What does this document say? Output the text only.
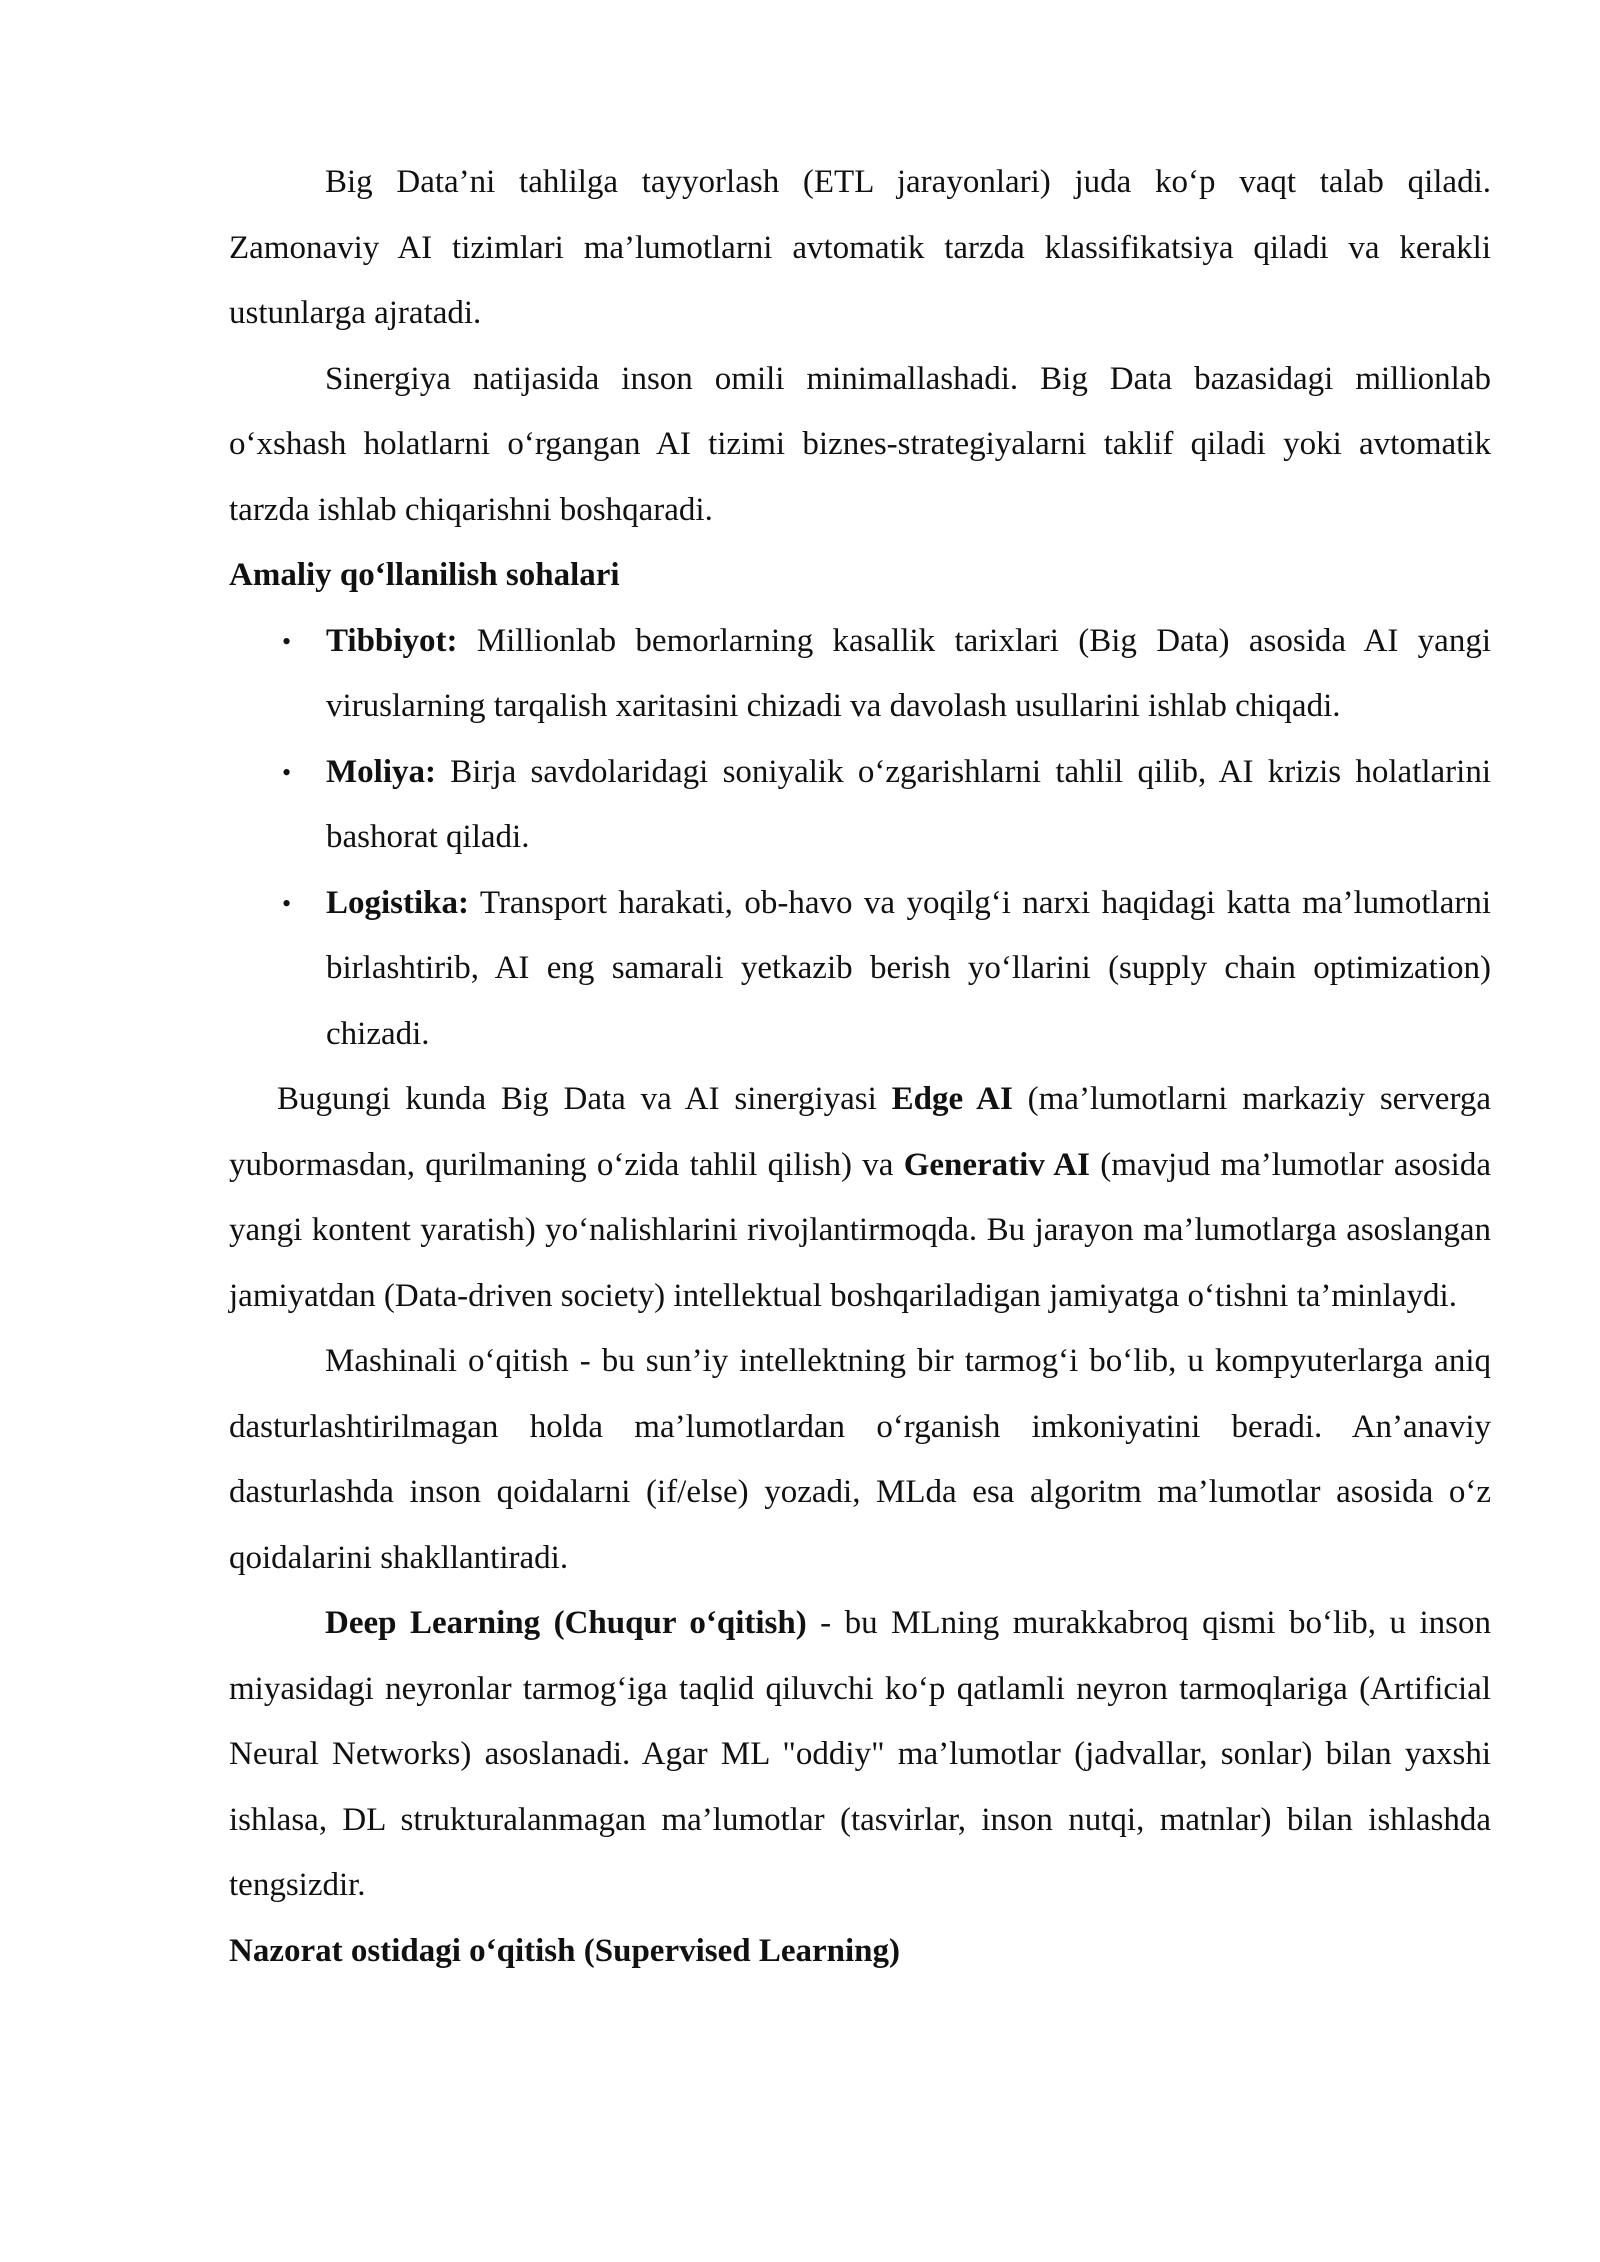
Big Data’ni tahlilga tayyorlash (ETL jarayonlari) juda ko‘p vaqt talab qiladi. Zamonaviy AI tizimlari ma’lumotlarni avtomatik tarzda klassifikatsiya qiladi va kerakli ustunlarga ajratadi.

Sinergiya natijasida inson omili minimallashadi. Big Data bazasidagi millionlab o‘xshash holatlarni o‘rgangan AI tizimi biznes-strategiyalarni taklif qiladi yoki avtomatik tarzda ishlab chiqarishni boshqaradi.

Amaliy qo‘llanilish sohalari

• Tibbiyot: Millionlab bemorlarning kasallik tarixlari (Big Data) asosida AI yangi viruslarning tarqalish xaritasini chizadi va davolash usullarini ishlab chiqadi.
• Moliya: Birja savdolaridagi soniyalik o‘zgarishlarni tahlil qilib, AI krizis holatlarini bashorat qiladi.
• Logistika: Transport harakati, ob-havo va yoqilg‘i narxi haqidagi katta ma’lumotlarni birlashtirib, AI eng samarali yetkazib berish yo‘llarini (supply chain optimization) chizadi.

Bugungi kunda Big Data va AI sinergiyasi Edge AI (ma’lumotlarni markaziy serverga yubormasdan, qurilmaning o‘zida tahlil qilish) va Generativ AI (mavjud ma’lumotlar asosida yangi kontent yaratish) yo‘nalishlarini rivojlantirmoqda. Bu jarayon ma’lumotlarga asoslangan jamiyatdan (Data-driven society) intellektual boshqariladigan jamiyatga o‘tishni ta’minlaydi.

Mashinali o‘qitish - bu sun’iy intellektning bir tarmog‘i bo‘lib, u kompyuterlarga aniq dasturlashtirilmagan holda ma’lumotlardan o‘rganish imkoniyatini beradi. An’anaviy dasturlashda inson qoidalarni (if/else) yozadi, MLda esa algoritm ma’lumotlar asosida o‘z qoidalarini shakllantiradi.

Deep Learning (Chuqur o‘qitish) - bu MLning murakkabroq qismi bo‘lib, u inson miyasidagi neyronlar tarmog‘iga taqlid qiluvchi ko‘p qatlamli neyron tarmoqlariga (Artificial Neural Networks) asoslanadi. Agar ML "oddiy" ma’lumotlar (jadvallar, sonlar) bilan yaxshi ishlasa, DL strukturalanmagan ma’lumotlar (tasvirlar, inson nutqi, matnlar) bilan ishlashda tengsizdir.

Nazorat ostidagi o‘qitish (Supervised Learning)
